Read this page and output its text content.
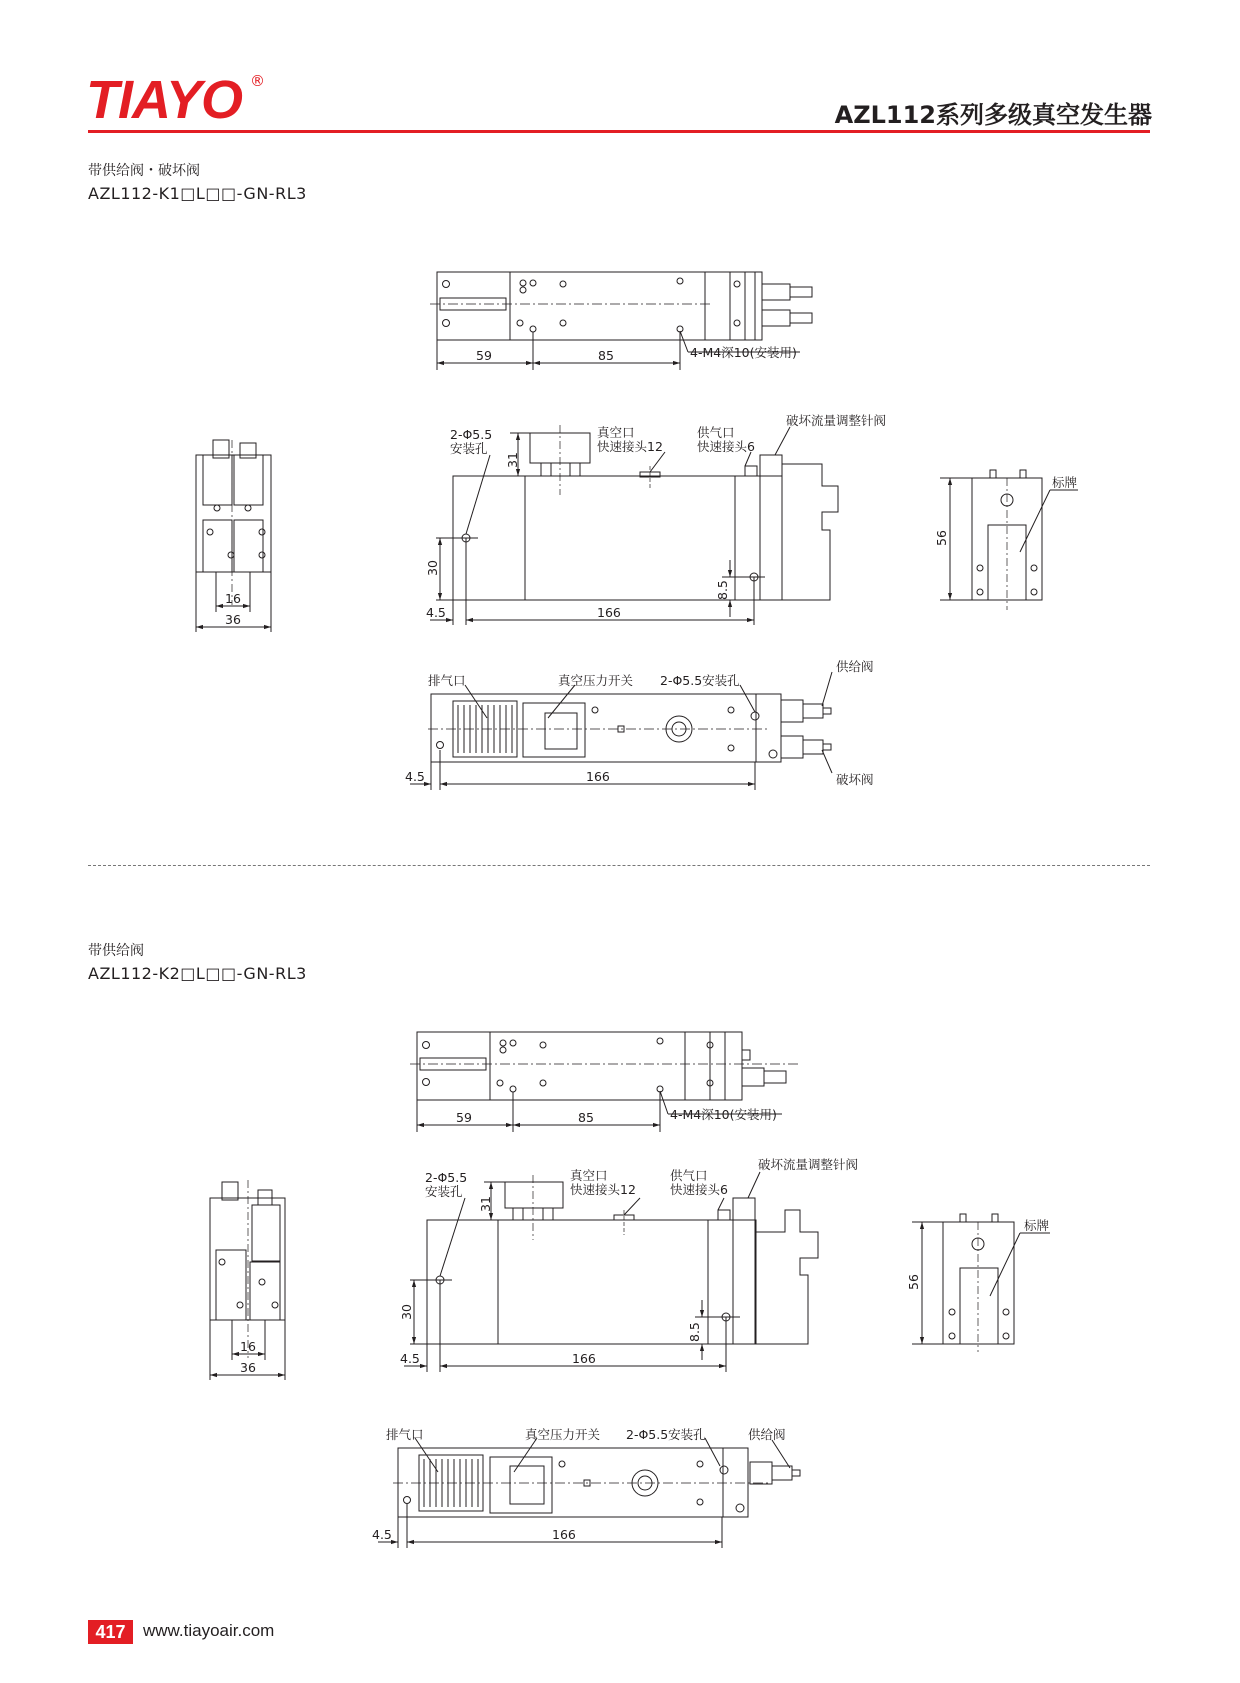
TIAYO ®
AZL112系列多级真空发生器
带供给阀・破坏阀
AZL112-K1□L□□-GN-RL3
带供给阀
AZL112-K2□L□□-GN-RL3
59	85	4-M4深10(安装用)
16
36
2-Φ5.5
安装孔
真空口
快速接头12
供气口
快速接头6
破坏流量调整针阀
31
30
8.5
4.5	166
56
标牌
排气口	真空压力开关 2-Φ5.5安装孔
供给阀
破坏阀
4.5	166
59	85	4-M4深10(安装用)
16
36
2-Φ5.5
安装孔
真空口
快速接头12
供气口
快速接头6
破坏流量调整针阀
31
30
8.5
4.5	166
56
标牌
排气口	真空压力开关 2-Φ5.5安装孔	供给阀
4.5	166
417	www.tiayoair.com
